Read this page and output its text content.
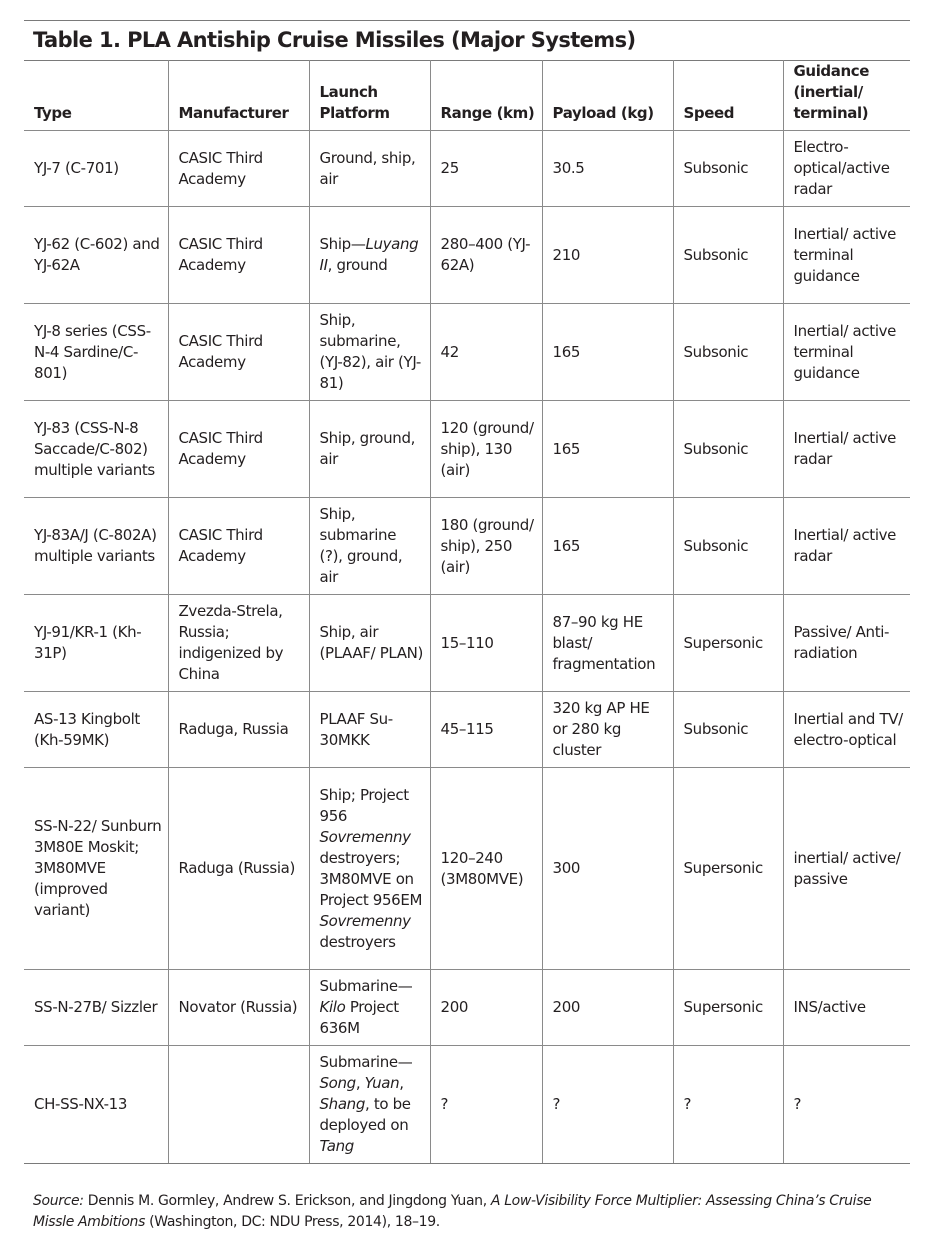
Table 1. PLA Antiship Cruise Missiles (Major Systems)
Type	Manufacturer	Launch Platform	Range (km)	Payload (kg)	Speed	Guidance (inertial/ terminal)

YJ-7 (C-701)	CASIC Third Academy	Ground, ship, air	25	30.5	Subsonic	Electro-optical/active radar

YJ-62 (C-602) and YJ-62A	CASIC Third Academy	Ship—Luyang II, ground	280–400 (YJ-62A)	210	Subsonic	Inertial/ active terminal guidance

YJ-8 series (CSS-N-4 Sardine/C-801)	CASIC Third Academy	Ship, submarine, (YJ-82), air (YJ-81)	42	165	Subsonic	Inertial/ active terminal guidance

YJ-83 (CSS-N-8 Saccade/C-802) multiple variants	CASIC Third Academy	Ship, ground, air	120 (ground/ ship), 130 (air)	165	Subsonic	Inertial/ active radar

YJ-83A/J (C-802A) multiple variants	CASIC Third Academy	Ship, submarine (?), ground, air	180 (ground/ ship), 250 (air)	165	Subsonic	Inertial/ active radar

YJ-91/KR-1 (Kh-31P)	Zvezda-Strela, Russia; indigenized by China	Ship, air (PLAAF/ PLAN)	15–110	87–90 kg HE blast/ fragmentation	Supersonic	Passive/ Anti-radiation

AS-13 Kingbolt (Kh-59MK)	Raduga, Russia	PLAAF Su-30MKK	45–115	320 kg AP HE or 280 kg cluster	Subsonic	Inertial and TV/ electro-optical

SS-N-22/ Sunburn 3M80E Moskit; 3M80MVE (improved variant)	Raduga (Russia)	Ship; Project 956 Sovremenny destroyers; 3M80MVE on Project 956EM Sovremenny destroyers	120–240 (3M80MVE)	300	Supersonic	inertial/ active/ passive

SS-N-27B/ Sizzler	Novator (Russia)	Submarine—Kilo Project 636M	200	200	Supersonic	INS/active

CH-SS-NX-13		Submarine—Song, Yuan, Shang, to be deployed on Tang	?	?	?	?
Source: Dennis M. Gormley, Andrew S. Erickson, and Jingdong Yuan, A Low-Visibility Force Multiplier: Assessing China’s Cruise Missle Ambitions (Washington, DC: NDU Press, 2014), 18–19.
